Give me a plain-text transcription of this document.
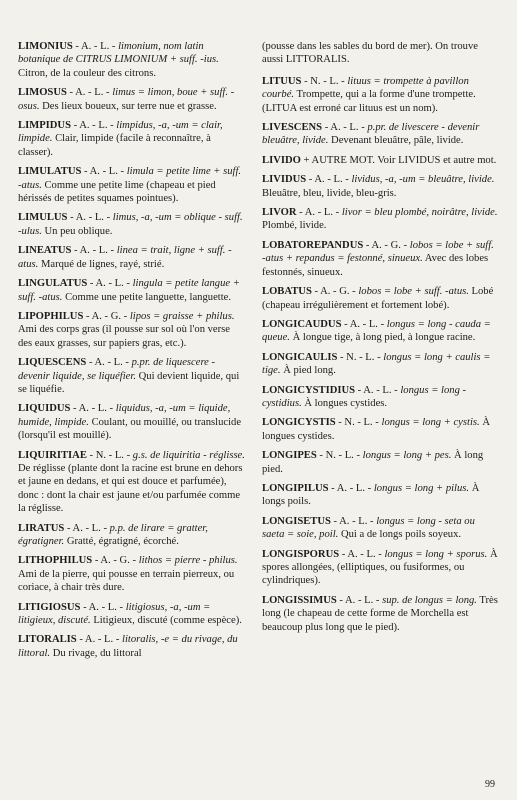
LIMONIUS - A. - L. - limonium, nom latin botanique de CITRUS LIMONIUM + suff. -ius. Citron, de la couleur des citrons.

LIMOSUS - A. - L. - limus = limon, boue + suff. -osus. Des lieux boueux, sur terre nue et grasse.

LIMPIDUS - A. - L. - limpidus, -a, -um = clair, limpide. Clair, limpide (facile à reconnaître, à classer).

LIMULATUS - A. - L. - limula = petite lime + suff. -atus. Comme une petite lime (chapeau et pied hérissés de petites squames pointues).

LIMULUS - A. - L. - limus, -a, -um = oblique - suff. -ulus. Un peu oblique.

LINEATUS - A. - L. - linea = trait, ligne + suff. -atus. Marqué de lignes, rayé, strié.

LINGULATUS - A. - L. - lingula = petite langue + suff. -atus. Comme une petite languette, languette.

LIPOPHILUS - A. - G. - lipos = graisse + philus. Ami des corps gras (il pousse sur sol où l'on verse des eaux grasses, sur papiers gras, etc.).

LIQUESCENS - A. - L. - p.pr. de liquescere - devenir liquide, se liquéfier. Qui devient liquide, qui se liquéfie.

LIQUIDUS - A. - L. - liquidus, -a, -um = liquide, humide, limpide. Coulant, ou mouillé, ou translucide (lorsqu'il est mouillé).

LIQUIRITIAE - N. - L. - g.s. de liquiritia - réglisse. De réglisse (plante dont la racine est brune en dehors et jaune en dedans, et qui est douce et parfumée), donc : dont la chair est jaune et/ou parfumée comme la réglisse.

LIRATUS - A. - L. - p.p. de lirare = gratter, égratigner. Gratté, égratigné, écorché.

LITHOPHILUS - A. - G. - lithos = pierre - philus. Ami de la pierre, qui pousse en terrain pierreux, ou coriace, à chair très dure.

LITIGIOSUS - A. - L. - litigiosus, -a, -um = litigieux, discuté. Litigieux, discuté (comme espèce).

LITORALIS - A. - L. - litoralis, -e = du rivage, du littoral. Du rivage, du littoral

(pousse dans les sables du bord de mer). On trouve aussi LITTORALIS.

LITUUS - N. - L. - lituus = trompette à pavillon courbé. Trompette, qui a la forme d'une trompette. (LITUA est erroné car lituus est un nom).

LIVESCENS - A. - L. - p.pr. de livescere - devenir bleuâtre, livide. Devenant bleuâtre, pâle, livide.

LIVIDO + AUTRE MOT. Voir LIVIDUS et autre mot.

LIVIDUS - A. - L. - lividus, -a, -um = bleuâtre, livide. Bleuâtre, bleu, livide, bleu-gris.

LIVOR - A. - L. - livor = bleu plombé, noirâtre, livide. Plombé, livide.

LOBATOREPANDUS - A. - G. - lobos = lobe + suff. -atus + repandus = festonné, sinueux. Avec des lobes festonnés, sinueux.

LOBATUS - A. - G. - lobos = lobe + suff. -atus. Lobé (chapeau irrégulièrement et fortement lobé).

LONGICAUDUS - A. - L. - longus = long - cauda = queue. À longue tige, à long pied, à longue racine.

LONGICAULIS - N. - L. - longus = long + caulis = tige. À pied long.

LONGICYSTIDIUS - A. - L. - longus = long - cystidius. À longues cystides.

LONGICYSTIS - N. - L. - longus = long + cystis. À longues cystides.

LONGIPES - N. - L. - longus = long + pes. À long pied.

LONGIPILUS - A. - L. - longus = long + pilus. À longs poils.

LONGISETUS - A. - L. - longus = long - seta ou saeta = soie, poil. Qui a de longs poils soyeux.

LONGISPORUS - A. - L. - longus = long + sporus. À spores allongées, (elliptiques, ou fusiformes, ou cylindriques).

LONGISSIMUS - A. - L. - sup. de longus = long. Très long (le chapeau de cette forme de Morchella est beaucoup plus long que le pied).

99
